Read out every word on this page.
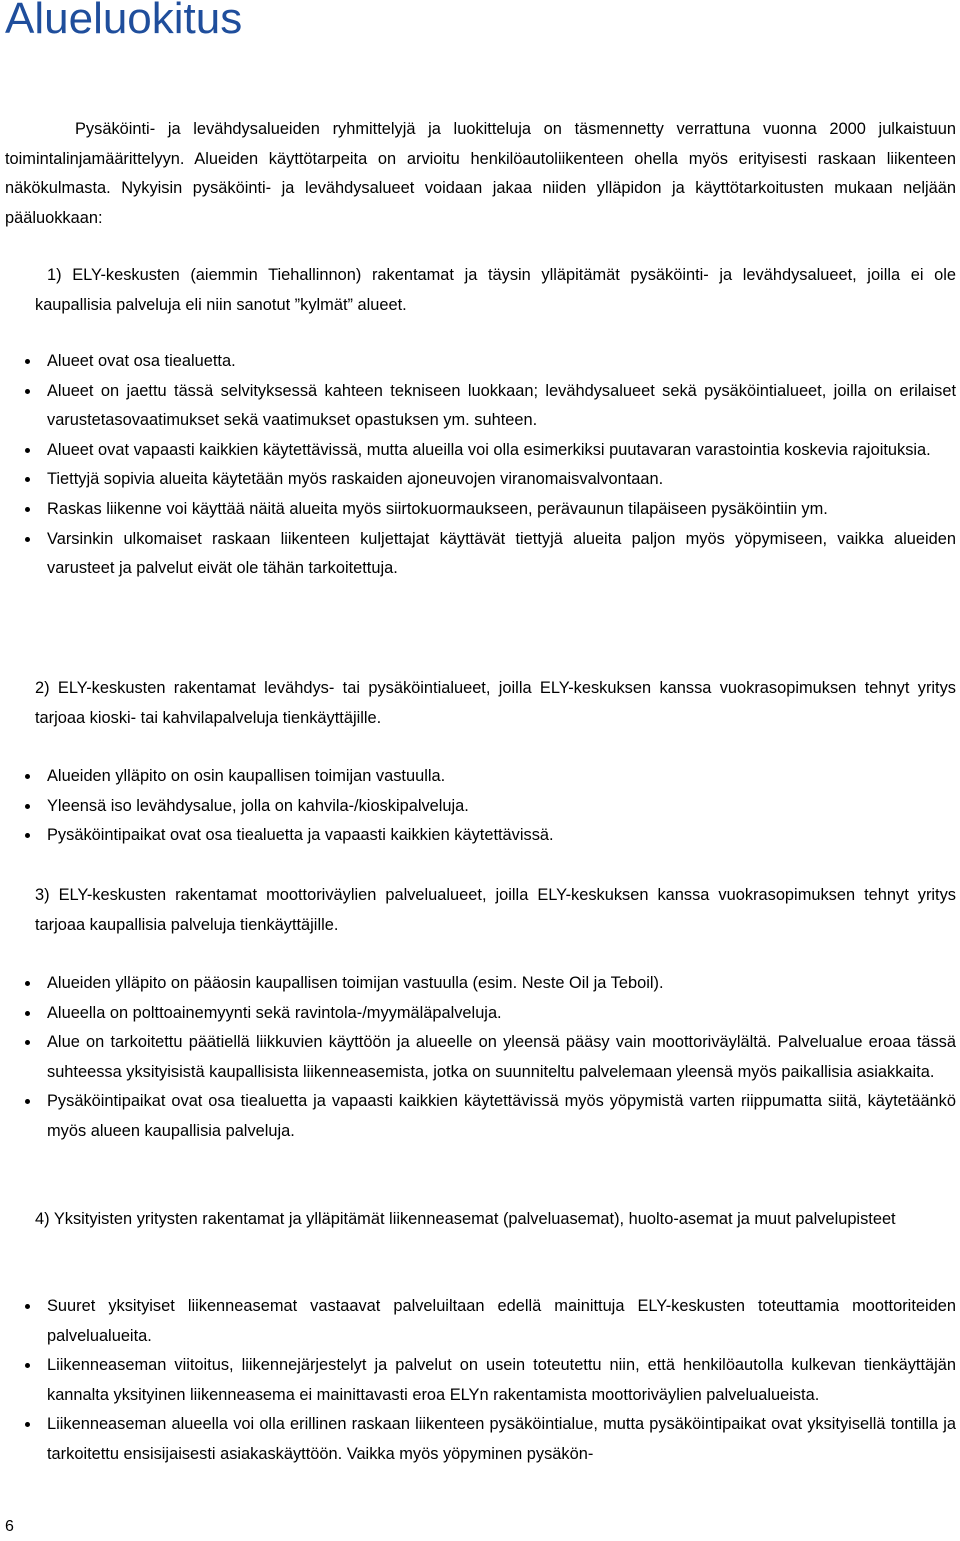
Alueluokitus
Pysäköinti- ja levähdysalueiden ryhmittelyjä ja luokitteluja on täsmennetty verrattuna vuonna 2000 julkaistuun toimintalinjamäärittelyyn. Alueiden käyttötarpeita on arvioitu henkilöautoliikenteen ohella myös erityisesti raskaan liikenteen näkökulmasta. Nykyisin pysäköinti- ja levähdysalueet voidaan jakaa niiden ylläpidon ja käyttötarkoitusten mukaan neljään pääluokkaan:
1) ELY-keskusten (aiemmin Tiehallinnon) rakentamat ja täysin ylläpitämät pysäköinti- ja levähdysalueet, joilla ei ole kaupallisia palveluja eli niin sanotut ”kylmät” alueet.
Alueet ovat osa tiealuetta.
Alueet on jaettu tässä selvityksessä kahteen tekniseen luokkaan; levähdysalueet sekä pysäköintialueet, joilla on erilaiset varustetasovaatimukset sekä vaatimukset opastuksen ym. suhteen.
Alueet ovat vapaasti kaikkien käytettävissä, mutta alueilla voi olla esimerkiksi puutavaran varastointia koskevia rajoituksia.
Tiettyjä sopivia alueita käytetään myös raskaiden ajoneuvojen viranomaisvalvontaan.
Raskas liikenne voi käyttää näitä alueita myös siirtokuormaukseen, perävaunun tilapäiseen pysäköintiin ym.
Varsinkin ulkomaiset raskaan liikenteen kuljettajat käyttävät tiettyjä alueita paljon myös yöpymiseen, vaikka alueiden varusteet ja palvelut eivät ole tähän tarkoitettuja.
2) ELY-keskusten rakentamat levähdys- tai pysäköintialueet, joilla ELY-keskuksen kanssa vuokrasopimuksen tehnyt yritys tarjoaa kioski- tai kahvilapalveluja tienkäyttäjille.
Alueiden ylläpito on osin kaupallisen toimijan vastuulla.
Yleensä iso levähdysalue, jolla on kahvila-/kioskipalveluja.
Pysäköintipaikat ovat osa tiealuetta ja vapaasti kaikkien käytettävissä.
3) ELY-keskusten rakentamat moottoriväylien palvelualueet, joilla ELY-keskuksen kanssa vuokrasopimuksen tehnyt yritys tarjoaa kaupallisia palveluja tienkäyttäjille.
Alueiden ylläpito on pääosin kaupallisen toimijan vastuulla (esim. Neste Oil ja Teboil).
Alueella on polttoainemyynti sekä ravintola-/myymäläpalveluja.
Alue on tarkoitettu päätiellä liikkuvien käyttöön ja alueelle on yleensä pääsy vain moottoriväylältä. Palvelualue eroaa tässä suhteessa yksityisistä kaupallisista liikenneasemista, jotka on suunniteltu palvelemaan yleensä myös paikallisia asiakkaita.
Pysäköintipaikat ovat osa tiealuetta ja vapaasti kaikkien käytettävissä myös yöpymistä varten riippumatta siitä, käytetäänkö myös alueen kaupallisia palveluja.
4) Yksityisten yritysten rakentamat ja ylläpitämät liikenneasemat (palveluasemat), huolto-asemat ja muut palvelupisteet
Suuret yksityiset liikenneasemat vastaavat palveluiltaan edellä mainittuja ELY-keskusten toteuttamia moottoriteiden palvelualueita.
Liikenneaseman viitoitus, liikennejärjestelyt ja palvelut on usein toteutettu niin, että henkilöautolla kulkevan tienkäyttäjän kannalta yksityinen liikenneasema ei mainittavasti eroa ELYn rakentamista moottoriväylien palvelualueista.
Liikenneaseman alueella voi olla erillinen raskaan liikenteen pysäköintialue, mutta pysäköintipaikat ovat yksityisellä tontilla ja tarkoitettu ensisijaisesti asiakaskäyttöön. Vaikka myös yöpyminen pysäkön-
6
